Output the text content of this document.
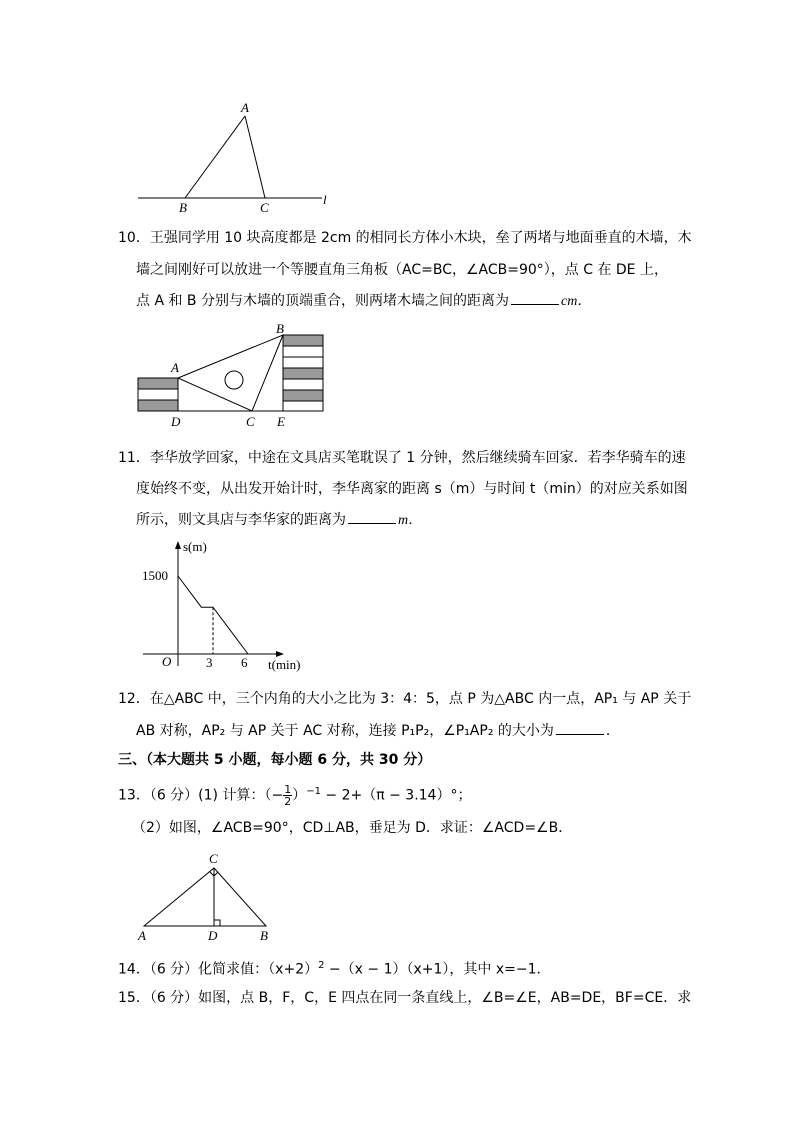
A
B	C
l
10．王强同学用 10 块高度都是 2cm 的相同长方体小木块，垒了两堵与地面垂直的木墙，木
墙之间刚好可以放进一个等腰直角三角板（AC=BC，∠ACB=90°），点 C 在 DE 上，
点 A 和 B 分别与木墙的顶端重合，则两堵木墙之间的距离为	cm．
A
B
C
D	E
11．李华放学回家，中途在文具店买笔耽误了 1 分钟，然后继续骑车回家．若李华骑车的速
度始终不变，从出发开始计时，李华离家的距离 s（m）与时间 t（min）的对应关系如图
所示，则文具店与李华家的距离为	m．
s(m)
t(min)
O
1500
3 6
12．在△ABC 中，三个内角的大小之比为 3：4：5，点 P 为△ABC 内一点，AP₁ 与 AP 关于
AB 对称，AP₂ 与 AP 关于 AC 对称，连接 P₁P₂，∠P₁AP₂ 的大小为	．
三、（本大题共 5 小题，每小题 6 分，共 30 分）
13．（6 分）(1) 计算：（− $\frac{1}{2} )^{-1} - 2+(\pi - 3.14)^\circ$；
（2）如图，∠ACB=90°，CD⊥AB，垂足为 D．求证：∠ACD=∠B．
C
A	D	B
14．（6 分）化简求值：$(x+2)^2 -(x - 1)(x+1)$，其中 x=−1．
15．（6 分）如图，点 B，F，C，E 四点在同一条直线上，∠B=∠E，AB=DE，BF=CE．求
